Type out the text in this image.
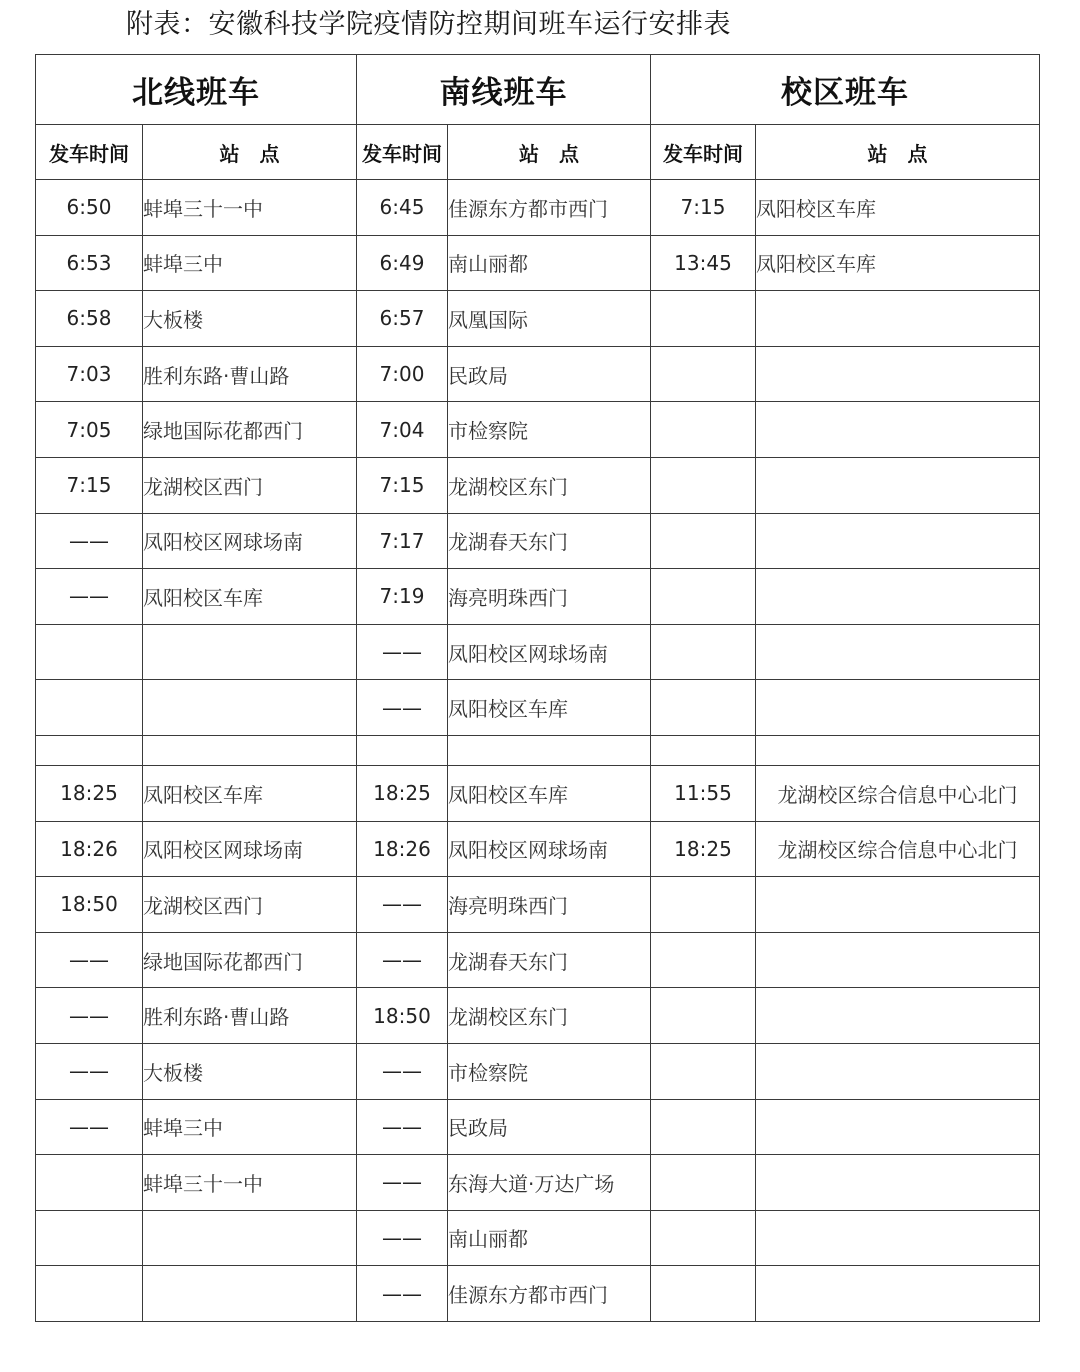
附表：安徽科技学院疫情防控期间班车运行安排表
北线班车		南线班车		校区班车	
发车时间	站　点	发车时间	站　点	发车时间	站　点
6:50	蚌埠三十一中	6:45	佳源东方都市西门	7:15	凤阳校区车库
6:53	蚌埠三中	6:49	南山丽都	13:45	凤阳校区车库
6:58	大板楼	6:57	凤凰国际		
7:03	胜利东路·曹山路	7:00	民政局		
7:05	绿地国际花都西门	7:04	市检察院		
7:15	龙湖校区西门	7:15	龙湖校区东门		
——	凤阳校区网球场南	7:17	龙湖春天东门		
——	凤阳校区车库	7:19	海亮明珠西门		
		——	凤阳校区网球场南		
		——	凤阳校区车库		

18:25	凤阳校区车库	18:25	凤阳校区车库	11:55	龙湖校区综合信息中心北门
18:26	凤阳校区网球场南	18:26	凤阳校区网球场南	18:25	龙湖校区综合信息中心北门
18:50	龙湖校区西门	——	海亮明珠西门		
——	绿地国际花都西门	——	龙湖春天东门		
——	胜利东路·曹山路	18:50	龙湖校区东门		
——	大板楼	——	市检察院		
——	蚌埠三中	——	民政局		
	蚌埠三十一中	——	东海大道·万达广场		
		——	南山丽都		
		——	佳源东方都市西门		
